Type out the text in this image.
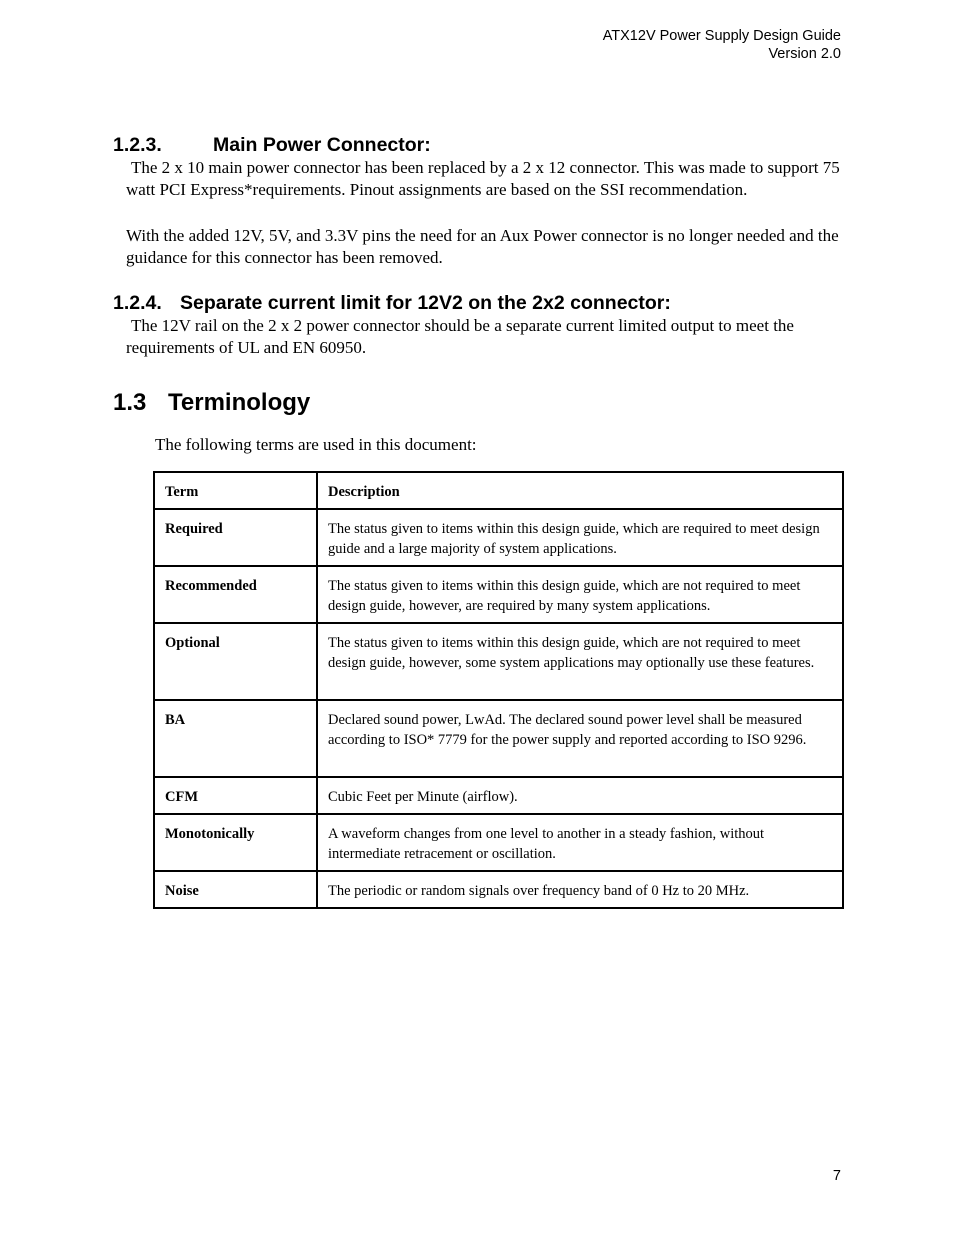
ATX12V Power Supply Design Guide
Version 2.0
1.2.3.	Main Power Connector:
The 2 x 10 main power connector has been replaced by a 2 x 12 connector. This was made to support 75 watt PCI Express*requirements. Pinout assignments are based on the SSI recommendation.
With the added 12V, 5V, and 3.3V pins the need for an Aux Power connector is no longer needed and the guidance for this connector has been removed.
1.2.4. Separate current limit for 12V2 on the 2x2 connector:
The 12V rail on the 2 x 2 power connector should be a separate current limited output to meet the requirements of UL and EN 60950.
1.3 Terminology
The following terms are used in this document:
Term	Description
Required	The status given to items within this design guide, which are required to meet design guide and a large majority of system applications.
Recommended	The status given to items within this design guide, which are not required to meet design guide, however, are required by many system applications.
Optional	The status given to items within this design guide, which are not required to meet design guide, however, some system applications may optionally use these features.
BA	Declared sound power, LwAd. The declared sound power level shall be measured according to ISO* 7779 for the power supply and reported according to ISO 9296.
CFM	Cubic Feet per Minute (airflow).
Monotonically	A waveform changes from one level to another in a steady fashion, without intermediate retracement or oscillation.
Noise	The periodic or random signals over frequency band of 0 Hz to 20 MHz.
7
